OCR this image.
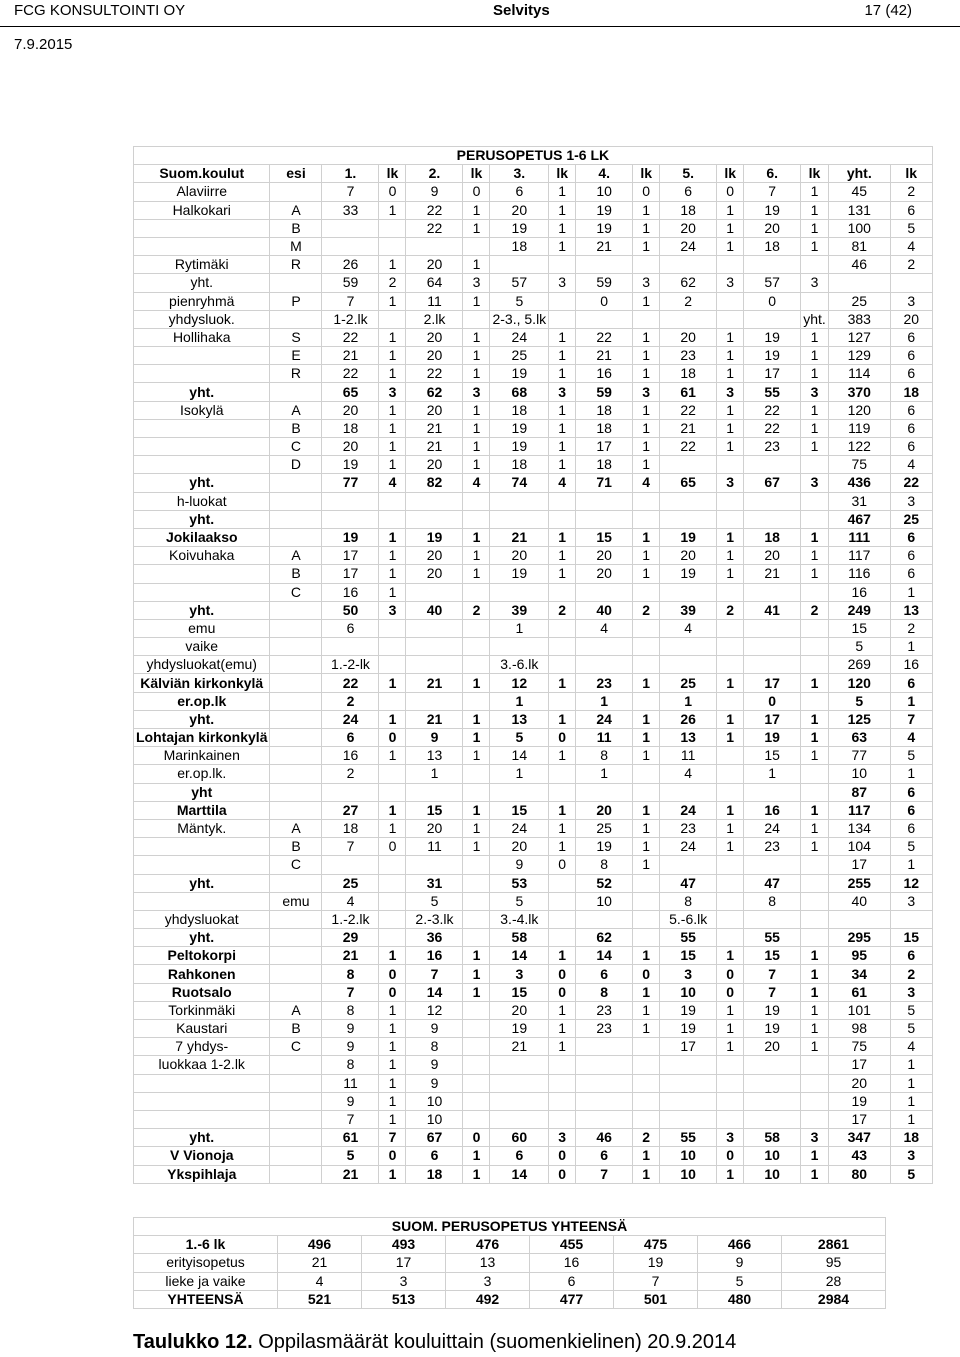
FCG KONSULTOINTI OY
7.9.2015
Selvitys	17 (42)
PERUSOPETUS 1-6 LK															
Suom.koulut	esi	1.	lk	2.	lk	3.	lk	4.	lk	5.	lk	6.	lk	yht.	lk
Alaviirre		7	0	9	0	6	1	10	0	6	0	7	1	45	2
Halkokari	A	33	1	22	1	20	1	19	1	18	1	19	1	131	6
	B			22	1	19	1	19	1	20	1	20	1	100	5
	M					18	1	21	1	24	1	18	1	81	4
Rytimäki	R	26	1	20	1									46	2
yht.		59	2	64	3	57	3	59	3	62	3	57	3		
pienryhmä	P	7	1	11	1	5		0	1	2		0		25	3
yhdysluok.		1-2.lk		2.lk		2-3., 5.lk							yht.	383	20
Hollihaka	S	22	1	20	1	24	1	22	1	20	1	19	1	127	6
	E	21	1	20	1	25	1	21	1	23	1	19	1	129	6
	R	22	1	22	1	19	1	16	1	18	1	17	1	114	6
yht.		65	3	62	3	68	3	59	3	61	3	55	3	370	18
Isokylä	A	20	1	20	1	18	1	18	1	22	1	22	1	120	6
	B	18	1	21	1	19	1	18	1	21	1	22	1	119	6
	C	20	1	21	1	19	1	17	1	22	1	23	1	122	6
	D	19	1	20	1	18	1	18	1					75	4
yht.		77	4	82	4	74	4	71	4	65	3	67	3	436	22
h-luokat														31	3
yht.														467	25
Jokilaakso		19	1	19	1	21	1	15	1	19	1	18	1	111	6
Koivuhaka	A	17	1	20	1	20	1	20	1	20	1	20	1	117	6
	B	17	1	20	1	19	1	20	1	19	1	21	1	116	6
	C	16	1											16	1
yht.		50	3	40	2	39	2	40	2	39	2	41	2	249	13
emu		6				1		4		4				15	2
vaike														5	1
yhdysluokat(emu)		1.-2-lk				3.-6.lk								269	16
Kälviän kirkonkylä		22	1	21	1	12	1	23	1	25	1	17	1	120	6
er.op.lk		2				1		1		1		0		5	1
yht.		24	1	21	1	13	1	24	1	26	1	17	1	125	7
Lohtajan kirkonkylä		6	0	9	1	5	0	11	1	13	1	19	1	63	4
Marinkainen		16	1	13	1	14	1	8	1	11		15	1	77	5
er.op.lk.		2		1		1		1		4		1		10	1
yht														87	6
Marttila		27	1	15	1	15	1	20	1	24	1	16	1	117	6
Mäntyk.	A	18	1	20	1	24	1	25	1	23	1	24	1	134	6
	B	7	0	11	1	20	1	19	1	24	1	23	1	104	5
	C					9	0	8	1					17	1
yht.		25		31		53		52		47		47		255	12
	emu	4		5		5		10		8		8		40	3
yhdysluokat		1.-2.lk		2.-3.lk		3.-4.lk				5.-6.lk					
yht.		29		36		58		62		55		55		295	15
Peltokorpi		21	1	16	1	14	1	14	1	15	1	15	1	95	6
Rahkonen		8	0	7	1	3	0	6	0	3	0	7	1	34	2
Ruotsalo		7	0	14	1	15	0	8	1	10	0	7	1	61	3
Torkinmäki	A	8	1	12		20	1	23	1	19	1	19	1	101	5
Kaustari	B	9	1	9		19	1	23	1	19	1	19	1	98	5
7 yhdys-	C	9	1	8		21	1			17	1	20	1	75	4
luokkaa 1-2.lk		8	1	9										17	1
		11	1	9										20	1
		9	1	10										19	1
		7	1	10										17	1
yht.		61	7	67	0	60	3	46	2	55	3	58	3	347	18
V Vionoja		5	0	6	1	6	0	6	1	10	0	10	1	43	3
Ykspihlaja		21	1	18	1	14	0	7	1	10	1	10	1	80	5
SUOM. PERUSOPETUS YHTEENSÄ							
1.-6 lk	496	493	476	455	475	466	2861
erityisopetus	21	17	13	16	19	9	95
lieke ja vaike	4	3	3	6	7	5	28
YHTEENSÄ	521	513	492	477	501	480	2984
Taulukko 12. Oppilasmäärät kouluittain (suomenkielinen) 20.9.2014
